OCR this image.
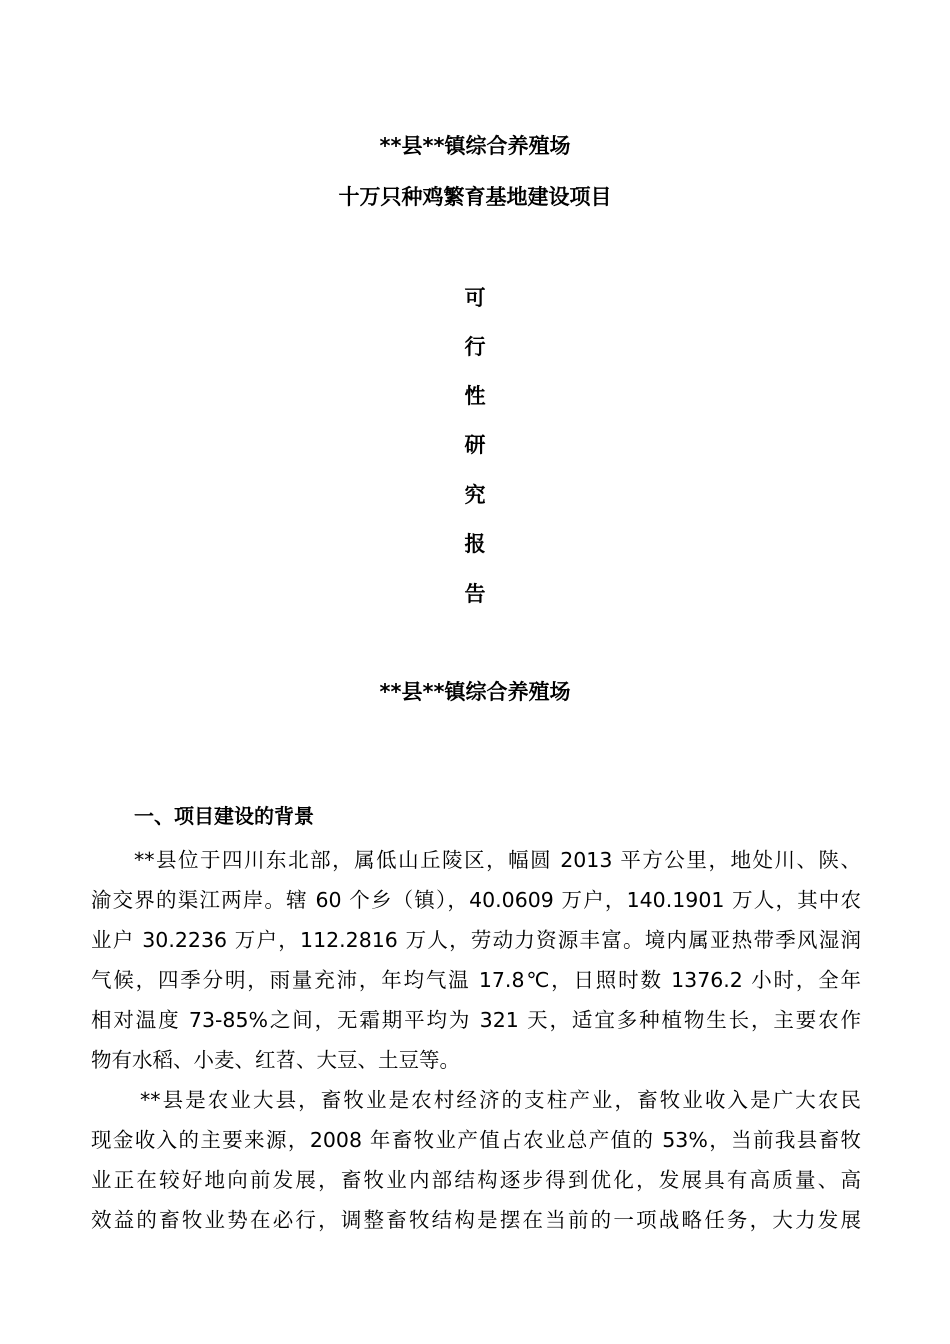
**县**镇综合养殖场
十万只种鸡繁育基地建设项目
可
行
性
研
究
报
告
**县**镇综合养殖场
一、项目建设的背景
**县位于四川东北部，属低山丘陵区，幅圆 2013 平方公里，地处川、陕、
渝交界的渠江两岸。辖 60 个乡（镇），40.0609 万户，140.1901 万人，其中农
业户 30.2236 万户，112.2816 万人，劳动力资源丰富。境内属亚热带季风湿润
气候，四季分明，雨量充沛，年均气温 17.8℃，日照时数 1376.2 小时，全年
相对温度 73-85%之间，无霜期平均为 321 天，适宜多种植物生长，主要农作
物有水稻、小麦、红苕、大豆、土豆等。
**县是农业大县，畜牧业是农村经济的支柱产业，畜牧业收入是广大农民
现金收入的主要来源，2008 年畜牧业产值占农业总产值的 53%，当前我县畜牧
业正在较好地向前发展，畜牧业内部结构逐步得到优化，发展具有高质量、高
效益的畜牧业势在必行，调整畜牧结构是摆在当前的一项战略任务，大力发展
